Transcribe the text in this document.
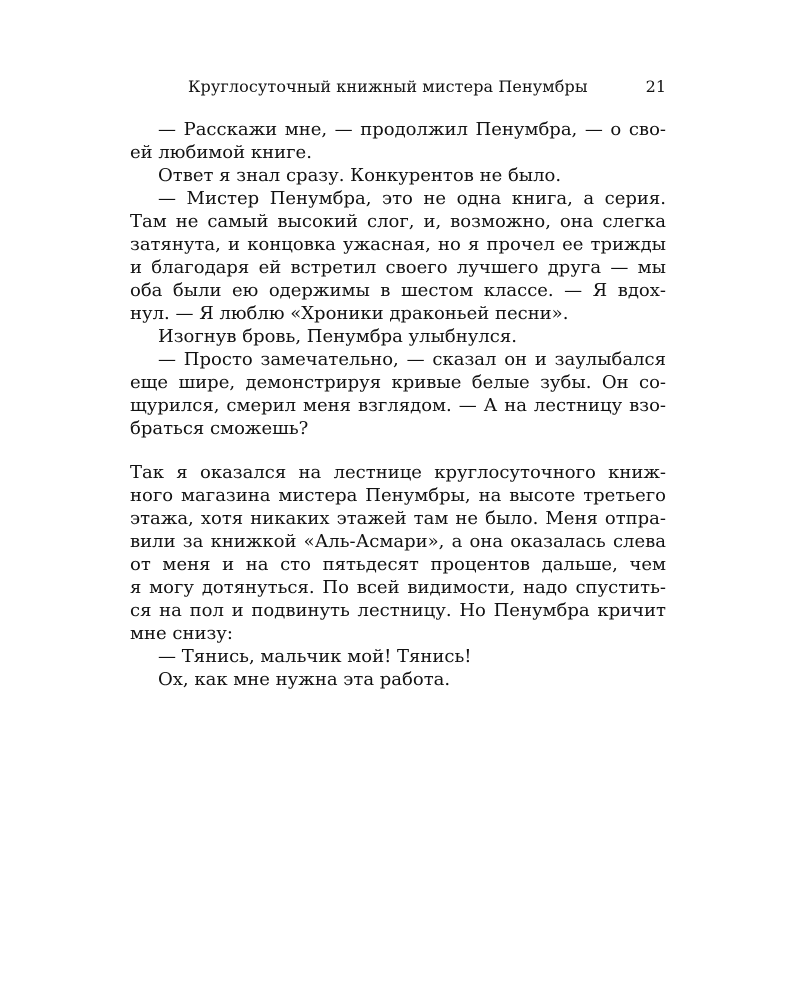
Круглосуточный книжный мистера Пенумбры	21
— Расскажи мне, — продолжил Пенумбра, — о сво-
ей любимой книге.
Ответ я знал сразу. Конкурентов не было.
— Мистер Пенумбра, это не одна книга, а серия.
Там не самый высокий слог, и, возможно, она слегка
затянута, и концовка ужасная, но я прочел ее трижды
и благодаря ей встретил своего лучшего друга — мы
оба были ею одержимы в шестом классе. — Я вдох-
нул. — Я люблю «Хроники драконьей песни».
Изогнув бровь, Пенумбра улыбнулся.
— Просто замечательно, — сказал он и заулыбался
еще шире, демонстрируя кривые белые зубы. Он со-
щурился, смерил меня взглядом. — А на лестницу взо-
браться сможешь?
Так я оказался на лестнице круглосуточного книж-
ного магазина мистера Пенумбры, на высоте третьего
этажа, хотя никаких этажей там не было. Меня отпра-
вили за книжкой «Аль-Асмари», а она оказалась слева
от меня и на сто пятьдесят процентов дальше, чем
я могу дотянуться. По всей видимости, надо спустить-
ся на пол и подвинуть лестницу. Но Пенумбра кричит
мне снизу:
— Тянись, мальчик мой! Тянись!
Ох, как мне нужна эта работа.
